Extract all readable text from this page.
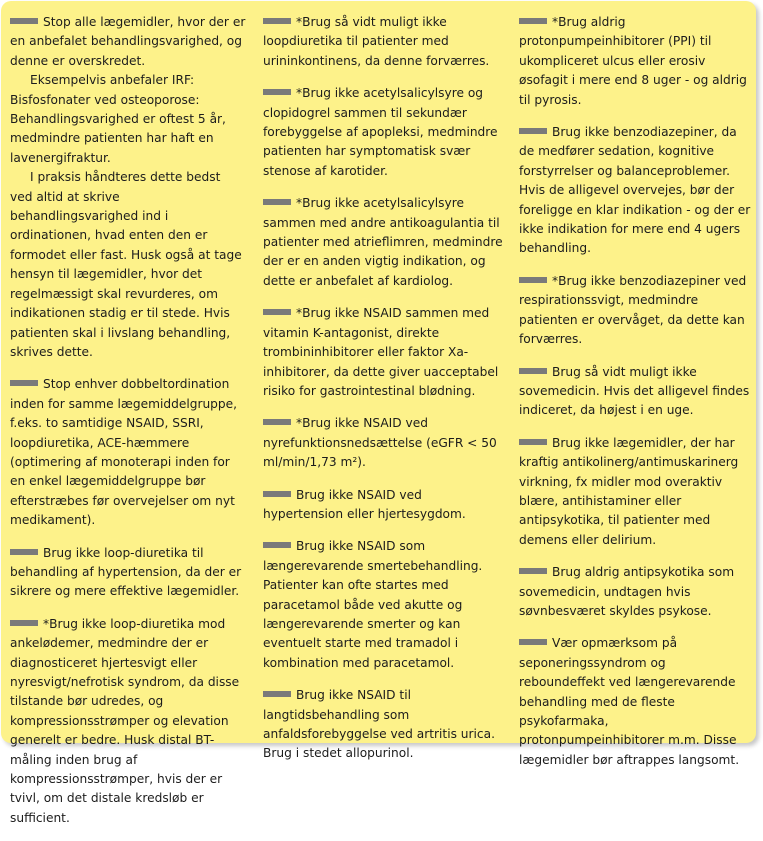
Stop alle lægemidler, hvor der er en anbefalet behandlingsvarighed, og denne er overskredet.

Eksempelvis anbefaler IRF: Bisfosfonater ved osteoporose: Behandlingsvarighed er oftest 5 år, medmindre patienten har haft en lavenergifraktur.

I praksis håndteres dette bedst ved altid at skrive behandlingsvarighed ind i ordinationen, hvad enten den er formodet eller fast. Husk også at tage hensyn til lægemidler, hvor det regelmæssigt skal revurderes, om indikationen stadig er til stede. Hvis patienten skal i livslang behandling, skrives dette.

Stop enhver dobbeltordination inden for samme lægemiddelgruppe, f.eks. to samtidige NSAID, SSRI, loopdiuretika, ACE-hæmmere (optimering af monoterapi inden for en enkel lægemiddelgruppe bør efterstræbes før overvejelser om nyt medikament).

Brug ikke loop-diuretika til behandling af hypertension, da der er sikrere og mere effektive lægemidler.

*Brug ikke loop-diuretika mod ankelødemer, medmindre der er diagnosticeret hjertesvigt eller nyresvigt/nefrotisk syndrom, da disse tilstande bør udredes, og kompressionsstrømper og elevation generelt er bedre. Husk distal BT-måling inden brug af kompressionsstrømper, hvis der er tvivl, om det distale kredsløb er sufficient.

*Brug så vidt muligt ikke loopdiuretika til patienter med urininkontinens, da denne forværres.

*Brug ikke acetylsalicylsyre og clopidogrel sammen til sekundær forebyggelse af apopleksi, medmindre patienten har symptomatisk svær stenose af karotider.

*Brug ikke acetylsalicylsyre sammen med andre antikoagulantia til patienter med atrieflimren, medmindre der er en anden vigtig indikation, og dette er anbefalet af kardiolog.

*Brug ikke NSAID sammen med vitamin K-antagonist, direkte trombininhibitorer eller faktor Xa-inhibitorer, da dette giver uacceptabel risiko for gastrointestinal blødning.

*Brug ikke NSAID ved nyrefunktionsnedsættelse (eGFR < 50 ml/min/1,73 m²).

Brug ikke NSAID ved hypertension eller hjertesygdom.

Brug ikke NSAID som længerevarende smertebehandling. Patienter kan ofte startes med paracetamol både ved akutte og længerevarende smerter og kan eventuelt starte med tramadol i kombination med paracetamol.

Brug ikke NSAID til langtidsbehandling som anfaldsforebyggelse ved artritis urica. Brug i stedet allopurinol.

*Brug aldrig protonpumpeinhibitorer (PPI) til ukompliceret ulcus eller erosiv øsofagit i mere end 8 uger - og aldrig til pyrosis.

Brug ikke benzodiazepiner, da de medfører sedation, kognitive forstyrrelser og balanceproblemer. Hvis de alligevel overvejes, bør der foreligge en klar indikation - og der er ikke indikation for mere end 4 ugers behandling.

*Brug ikke benzodiazepiner ved respirationssvigt, medmindre patienten er overvåget, da dette kan forværres.

Brug så vidt muligt ikke sovemedicin. Hvis det alligevel findes indiceret, da højest i en uge.

Brug ikke lægemidler, der har kraftig antikolinerg/antimuskarinerg virkning, fx midler mod overaktiv blære, antihistaminer eller antipsykotika, til patienter med demens eller delirium.

Brug aldrig antipsykotika som sovemedicin, undtagen hvis søvnbesværet skyldes psykose.

Vær opmærksom på seponeringssyndrom og reboundeffekt ved længerevarende behandling med de fleste psykofarmaka, protonpumpeinhibitorer m.m. Disse lægemidler bør aftrappes langsomt.
